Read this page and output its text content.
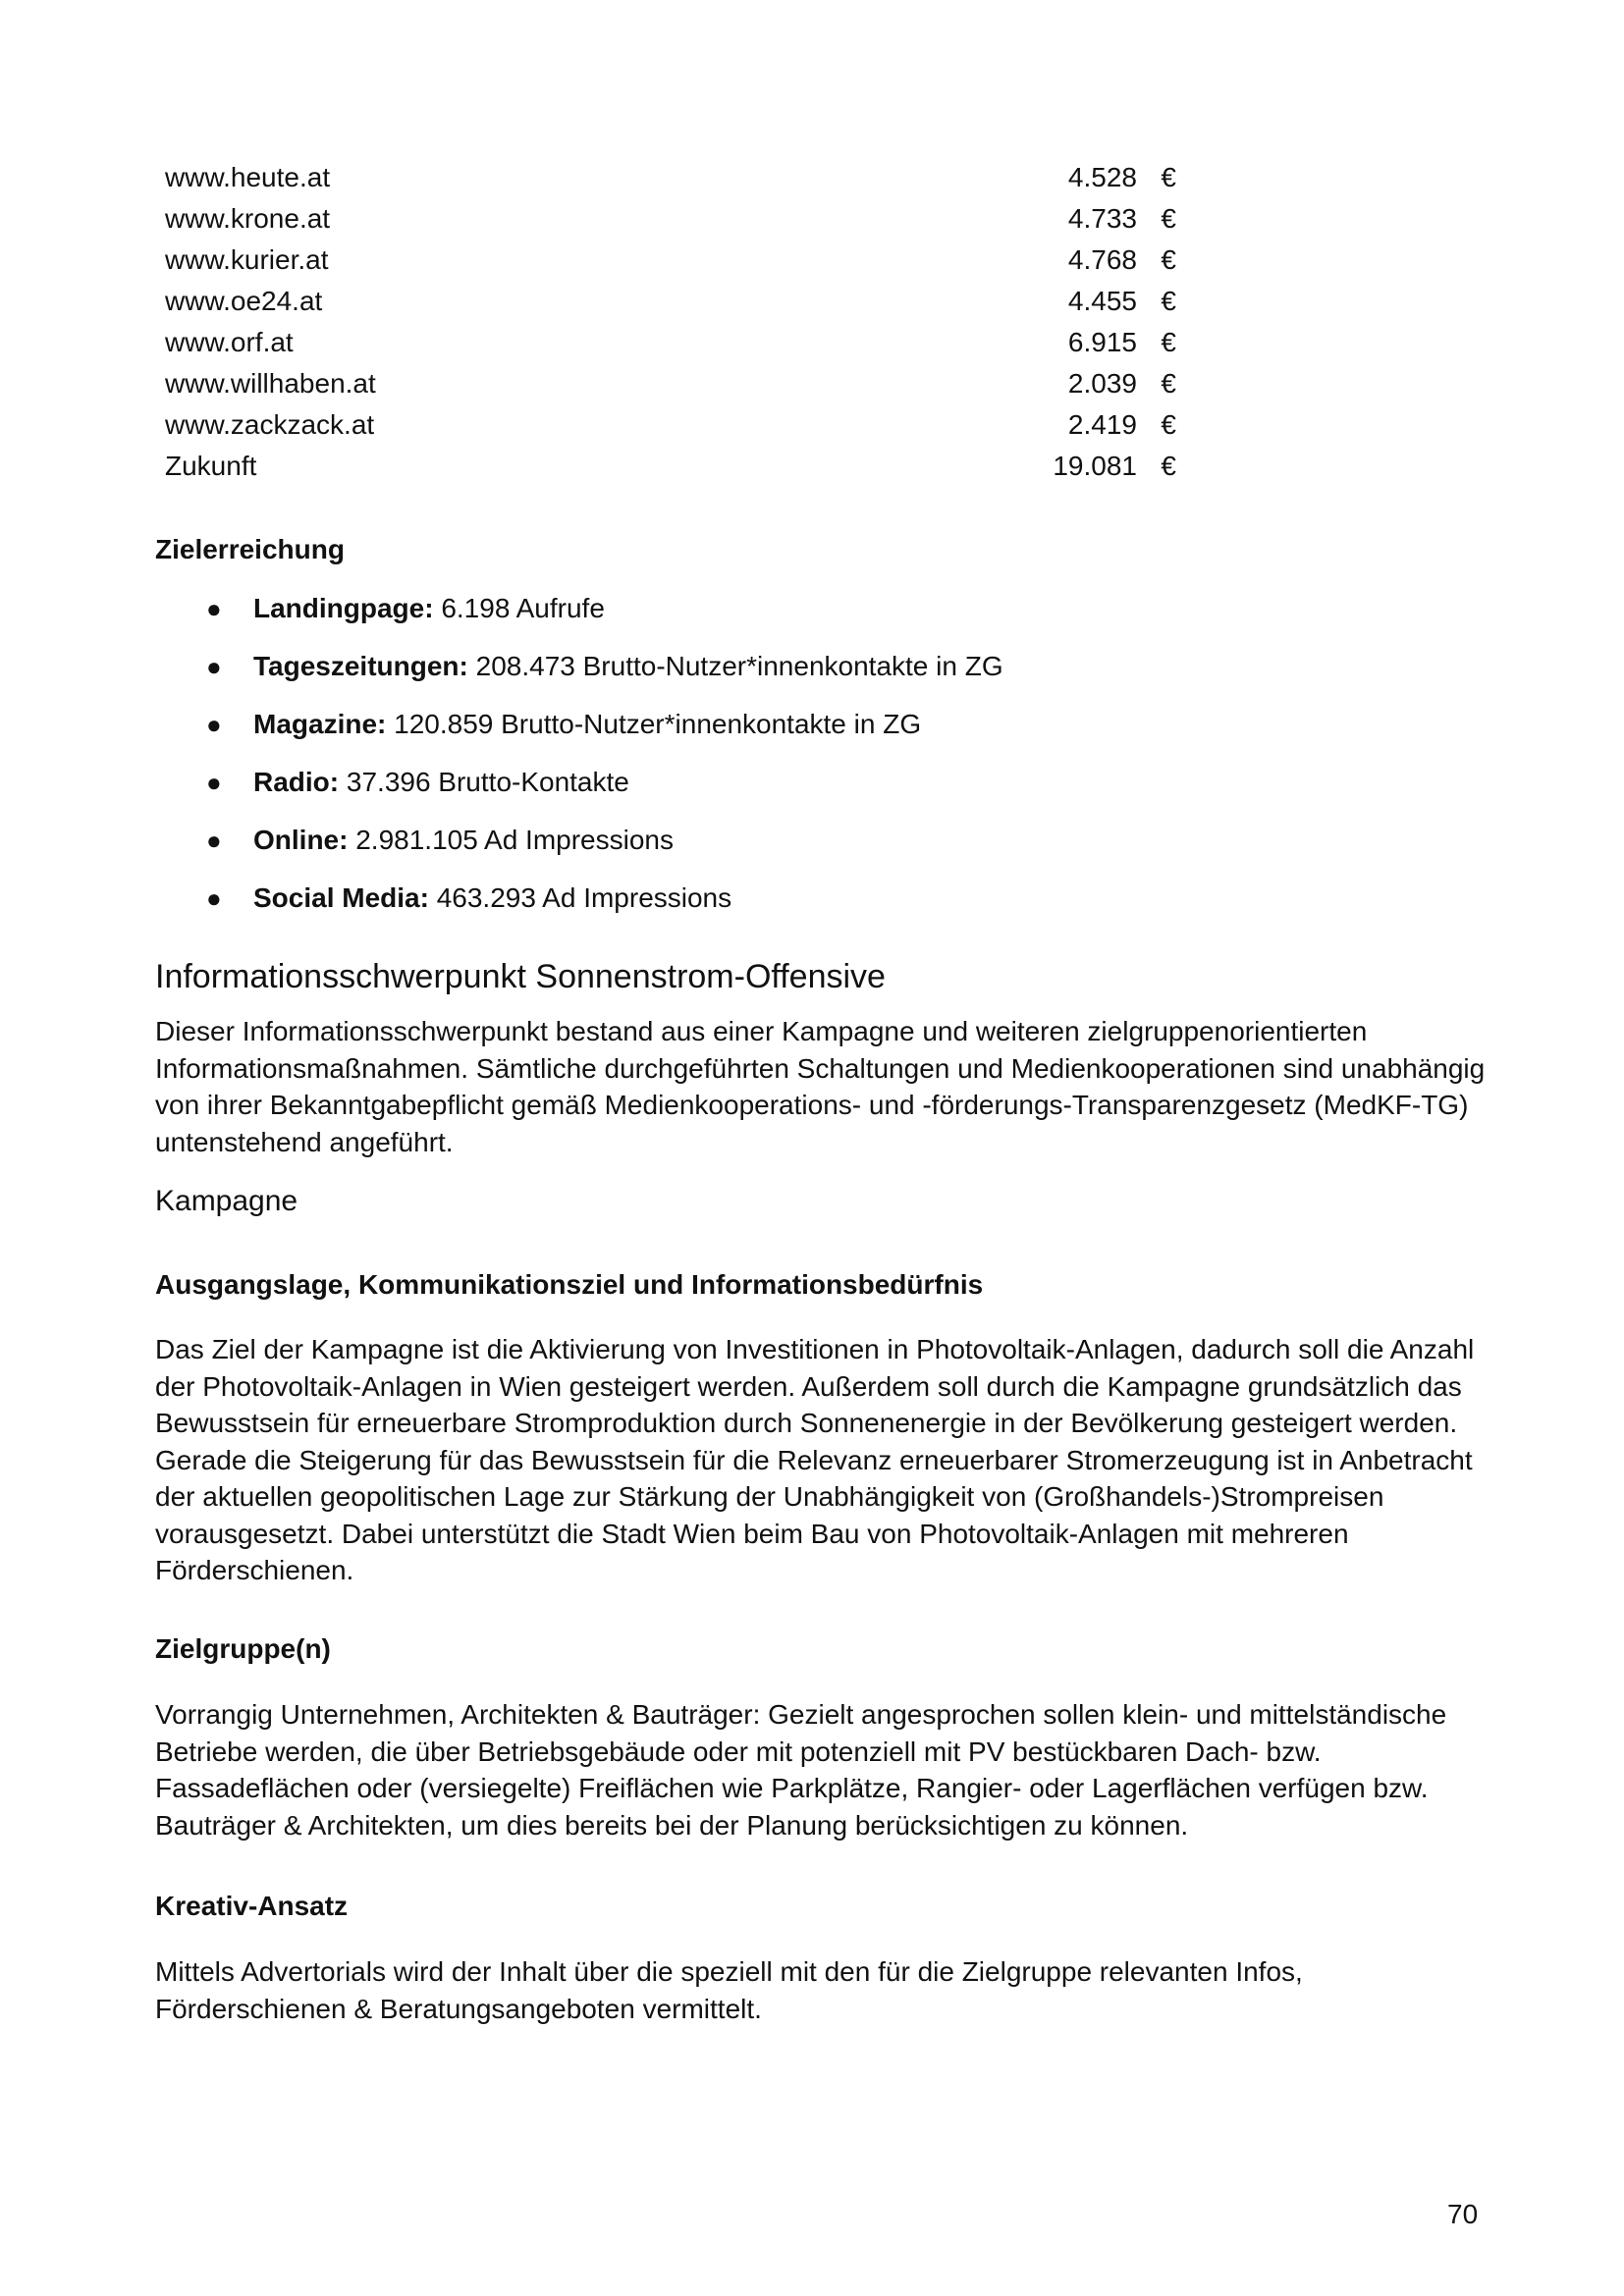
www.heute.at	4.528 €
www.krone.at	4.733 €
www.kurier.at	4.768 €
www.oe24.at	4.455 €
www.orf.at	6.915 €
www.willhaben.at	2.039 €
www.zackzack.at	2.419 €
Zukunft	19.081 €
Zielerreichung
● Landingpage: 6.198 Aufrufe
● Tageszeitungen: 208.473 Brutto-Nutzer*innenkontakte in ZG
● Magazine: 120.859 Brutto-Nutzer*innenkontakte in ZG
● Radio: 37.396 Brutto-Kontakte
● Online: 2.981.105 Ad Impressions
● Social Media: 463.293 Ad Impressions
Informationsschwerpunkt Sonnenstrom-Offensive
Dieser Informationsschwerpunkt bestand aus einer Kampagne und weiteren zielgruppenorientierten Informationsmaßnahmen. Sämtliche durchgeführten Schaltungen und Medienkooperationen sind unabhängig von ihrer Bekanntgabepflicht gemäß Medienkooperations- und -förderungs-Transparenzgesetz (MedKF-TG) untenstehend angeführt.
Kampagne
Ausgangslage, Kommunikationsziel und Informationsbedürfnis
Das Ziel der Kampagne ist die Aktivierung von Investitionen in Photovoltaik-Anlagen, dadurch soll die Anzahl der Photovoltaik-Anlagen in Wien gesteigert werden. Außerdem soll durch die Kampagne grundsätzlich das Bewusstsein für erneuerbare Stromproduktion durch Sonnenenergie in der Bevölkerung gesteigert werden. Gerade die Steigerung für das Bewusstsein für die Relevanz erneuerbarer Stromerzeugung ist in Anbetracht der aktuellen geopolitischen Lage zur Stärkung der Unabhängigkeit von (Großhandels-)Strompreisen vorausgesetzt. Dabei unterstützt die Stadt Wien beim Bau von Photovoltaik-Anlagen mit mehreren Förderschienen.
Zielgruppe(n)
Vorrangig Unternehmen, Architekten & Bauträger: Gezielt angesprochen sollen klein- und mittelständische Betriebe werden, die über Betriebsgebäude oder mit potenziell mit PV bestückbaren Dach- bzw. Fassadeflächen oder (versiegelte) Freiflächen wie Parkplätze, Rangier- oder Lagerflächen verfügen bzw. Bauträger & Architekten, um dies bereits bei der Planung berücksichtigen zu können.
Kreativ-Ansatz
Mittels Advertorials wird der Inhalt über die speziell mit den für die Zielgruppe relevanten Infos, Förderschienen & Beratungsangeboten vermittelt.
70
